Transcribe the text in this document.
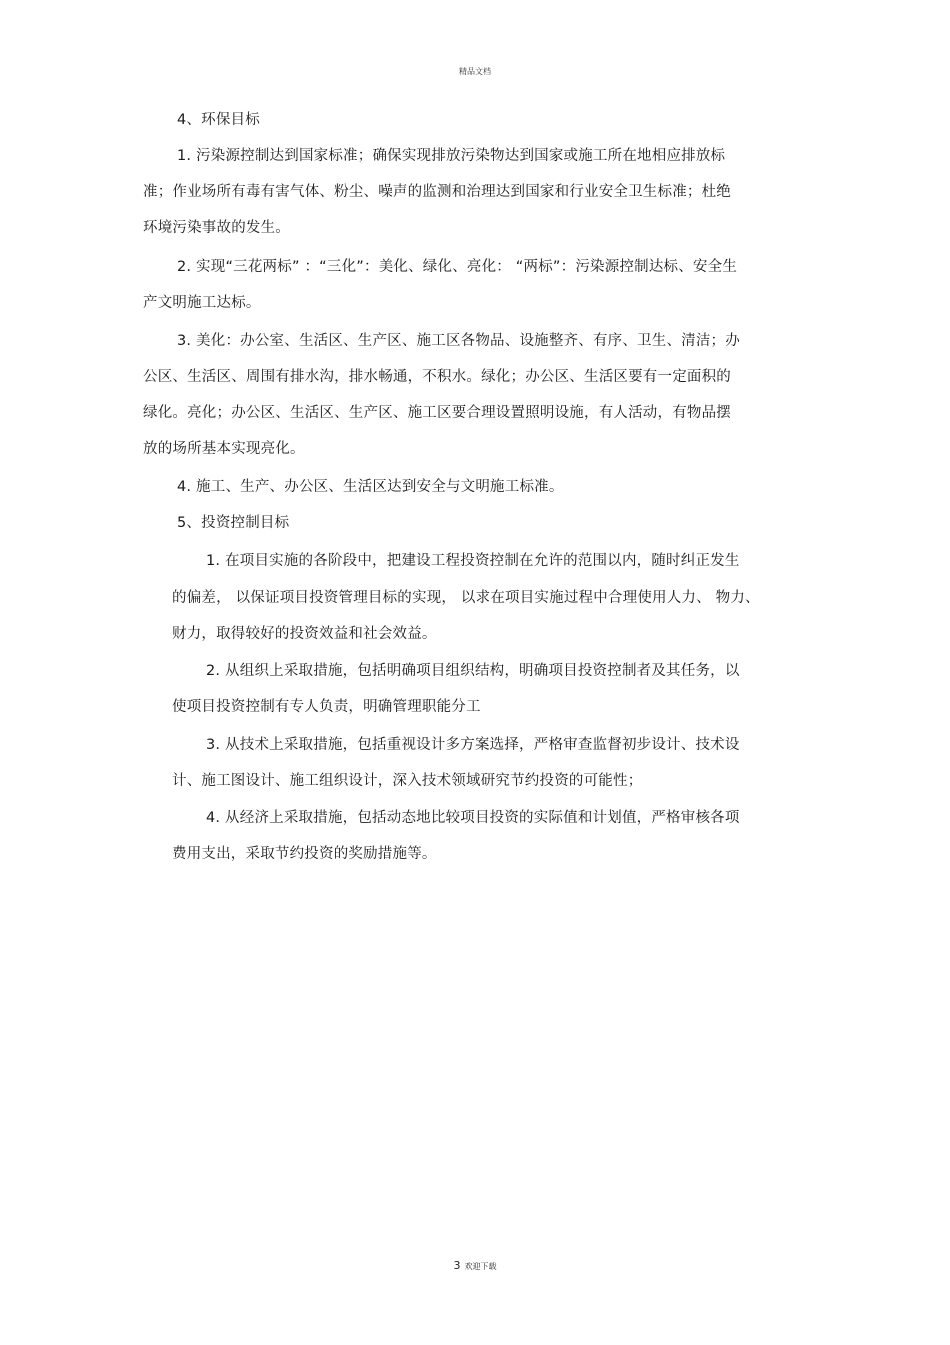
精品文档
4、环保目标
1. 污染源控制达到国家标准；确保实现排放污染物达到国家或施工所在地相应排放标
准；作业场所有毒有害气体、粉尘、噪声的监测和治理达到国家和行业安全卫生标准；杜绝
环境污染事故的发生。
2. 实现“三花两标” ：“三化”：美化、绿化、亮化： “两标”：污染源控制达标、安全生
产文明施工达标。
3. 美化：办公室、生活区、生产区、施工区各物品、设施整齐、有序、卫生、清洁；办
公区、生活区、周围有排水沟，排水畅通，不积水。绿化；办公区、生活区要有一定面积的
绿化。亮化；办公区、生活区、生产区、施工区要合理设置照明设施，有人活动，有物品摆
放的场所基本实现亮化。
4. 施工、生产、办公区、生活区达到安全与文明施工标准。
5、投资控制目标
1. 在项目实施的各阶段中，把建设工程投资控制在允许的范围以内，随时纠正发生
的偏差， 以保证项目投资管理目标的实现， 以求在项目实施过程中合理使用人力、 物力、
财力，取得较好的投资效益和社会效益。
2. 从组织上采取措施，包括明确项目组织结构，明确项目投资控制者及其任务，以
使项目投资控制有专人负责，明确管理职能分工
3. 从技术上采取措施，包括重视设计多方案选择，严格审查监督初步设计、技术设
计、施工图设计、施工组织设计，深入技术领域研究节约投资的可能性；
4. 从经济上采取措施，包括动态地比较项目投资的实际值和计划值，严格审核各项
费用支出，采取节约投资的奖励措施等。
3 欢迎下载
